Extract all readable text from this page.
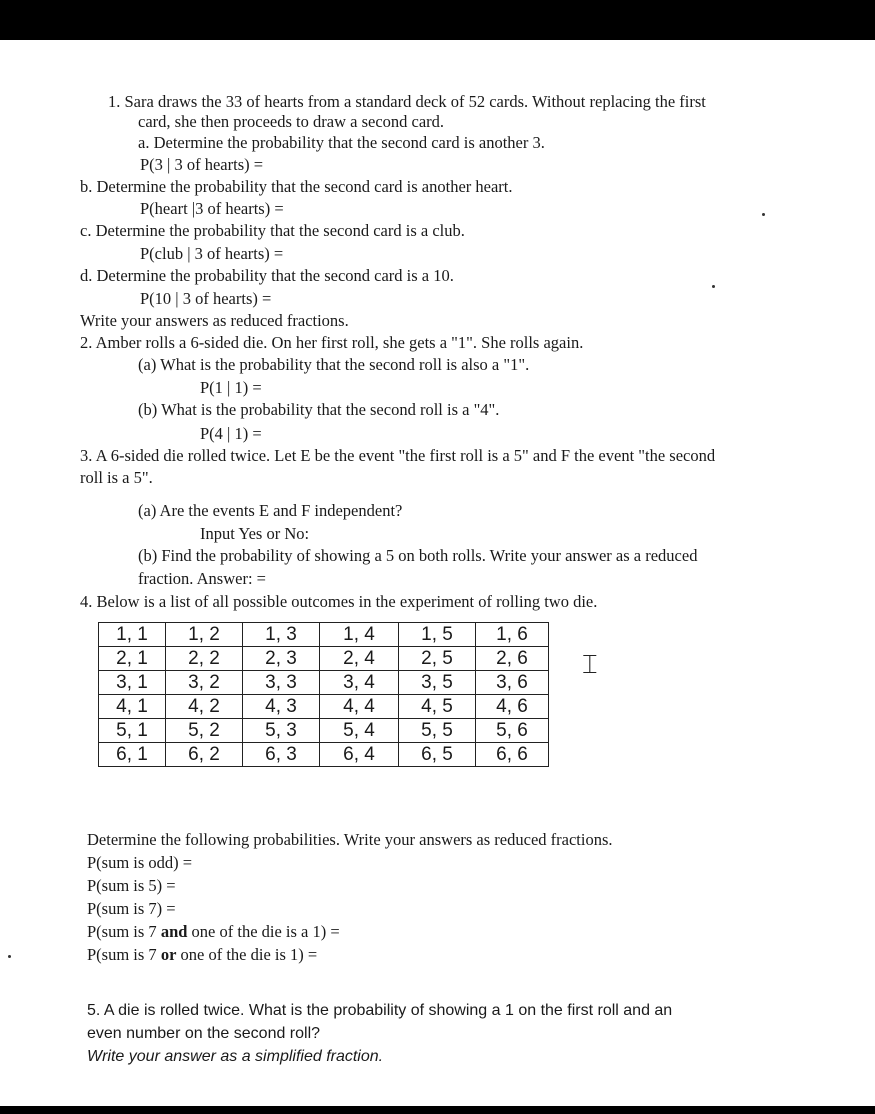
1. Sara draws the 33 of hearts from a standard deck of 52 cards. Without replacing the first
card, she then proceeds to draw a second card.
a. Determine the probability that the second card is another 3.
P(3 | 3 of hearts) =
b. Determine the probability that the second card is another heart.
P(heart |3 of hearts) =
c. Determine the probability that the second card is a club.
P(club | 3 of hearts) =
d. Determine the probability that the second card is a 10.
P(10 | 3 of hearts) =
Write your answers as reduced fractions.
2. Amber rolls a 6-sided die. On her first roll, she gets a "1". She rolls again.
(a) What is the probability that the second roll is also a "1".
P(1 | 1) =
(b) What is the probability that the second roll is a "4".
P(4 | 1) =
3. A 6-sided die rolled twice. Let E be the event "the first roll is a 5" and F the event "the second
roll is a 5".
(a) Are the events E and F independent?
Input Yes or No:
(b) Find the probability of showing a 5 on both rolls. Write your answer as a reduced
fraction. Answer: =
4. Below is a list of all possible outcomes in the experiment of rolling two die.
1, 1	1, 2	1, 3	1, 4	1, 5	1, 6
2, 1	2, 2	2, 3	2, 4	2, 5	2, 6
3, 1	3, 2	3, 3	3, 4	3, 5	3, 6
4, 1	4, 2	4, 3	4, 4	4, 5	4, 6
5, 1	5, 2	5, 3	5, 4	5, 5	5, 6
6, 1	6, 2	6, 3	6, 4	6, 5	6, 6
⌶
Determine the following probabilities. Write your answers as reduced fractions.
P(sum is odd) =
P(sum is 5) =
P(sum is 7) =
P(sum is 7 and one of the die is a 1) =
P(sum is 7 or one of the die is 1) =
5. A die is rolled twice. What is the probability of showing a 1 on the first roll and an
even number on the second roll?
Write your answer as a simplified fraction.
